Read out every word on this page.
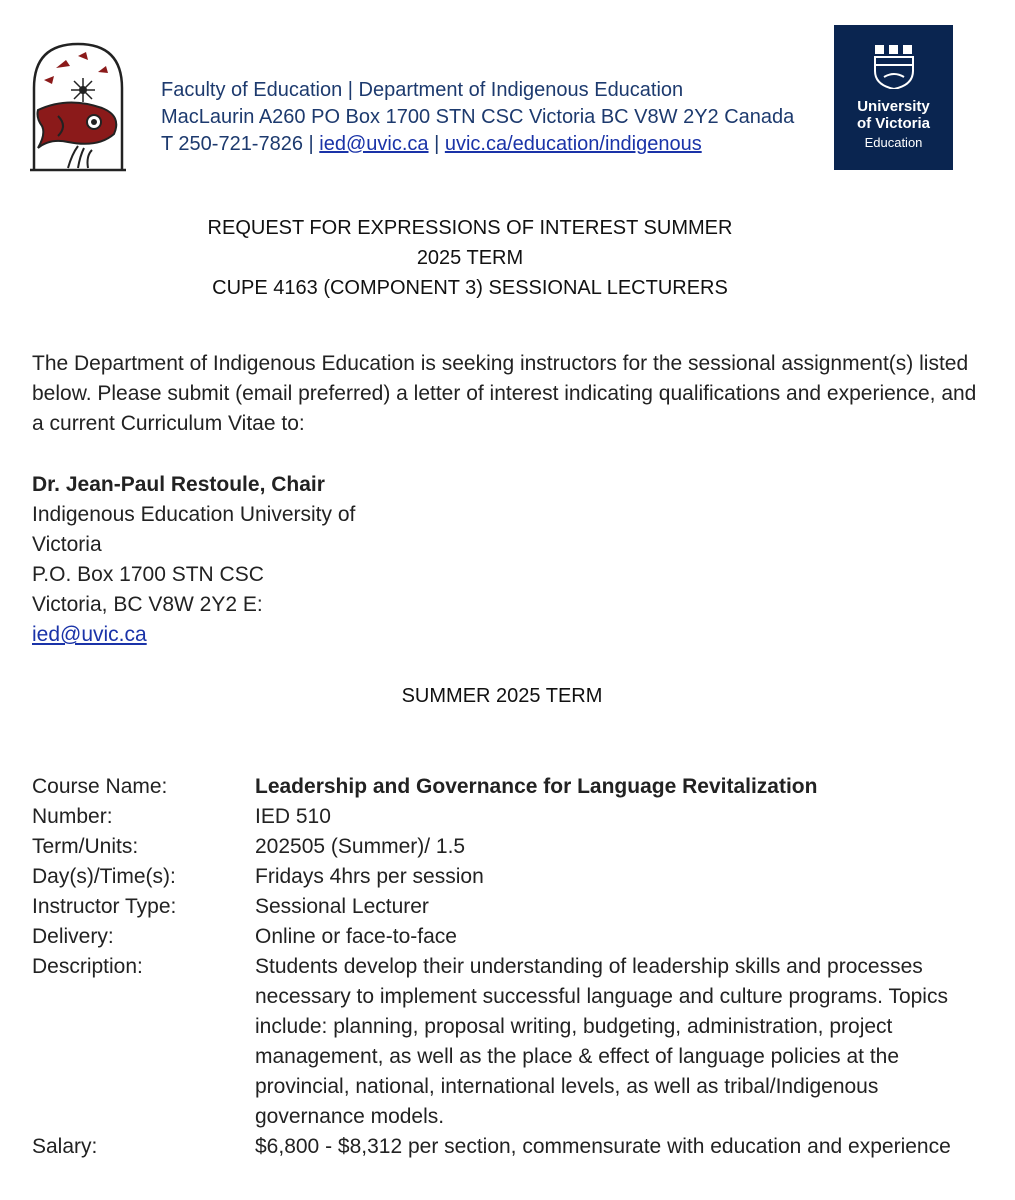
Faculty of Education | Department of Indigenous Education
MacLaurin A260 PO Box 1700 STN CSC Victoria BC V8W 2Y2 Canada
T 250-721-7826 | ied@uvic.ca | uvic.ca/education/indigenous
University
of Victoria
Education
REQUEST FOR EXPRESSIONS OF INTEREST SUMMER
2025 TERM
CUPE 4163 (COMPONENT 3) SESSIONAL LECTURERS
The Department of Indigenous Education is seeking instructors for the sessional assignment(s) listed below. Please submit (email preferred) a letter of interest indicating qualifications and experience, and a current Curriculum Vitae to:
Dr. Jean-Paul Restoule, Chair
Indigenous Education University of
Victoria
P.O. Box 1700 STN CSC
Victoria, BC V8W 2Y2 E:
ied@uvic.ca
SUMMER 2025 TERM
Course Name:	Leadership and Governance for Language Revitalization
Number:	IED 510
Term/Units:	202505 (Summer)/ 1.5
Day(s)/Time(s):	Fridays 4hrs per session
Instructor Type:	Sessional Lecturer
Delivery:	Online or face-to-face
Description:	Students develop their understanding of leadership skills and processes necessary to implement successful language and culture programs. Topics include: planning, proposal writing, budgeting, administration, project management, as well as the place & effect of language policies at the provincial, national, international levels, as well as tribal/Indigenous governance models.
Salary:	$6,800 - $8,312 per section, commensurate with education and experience
